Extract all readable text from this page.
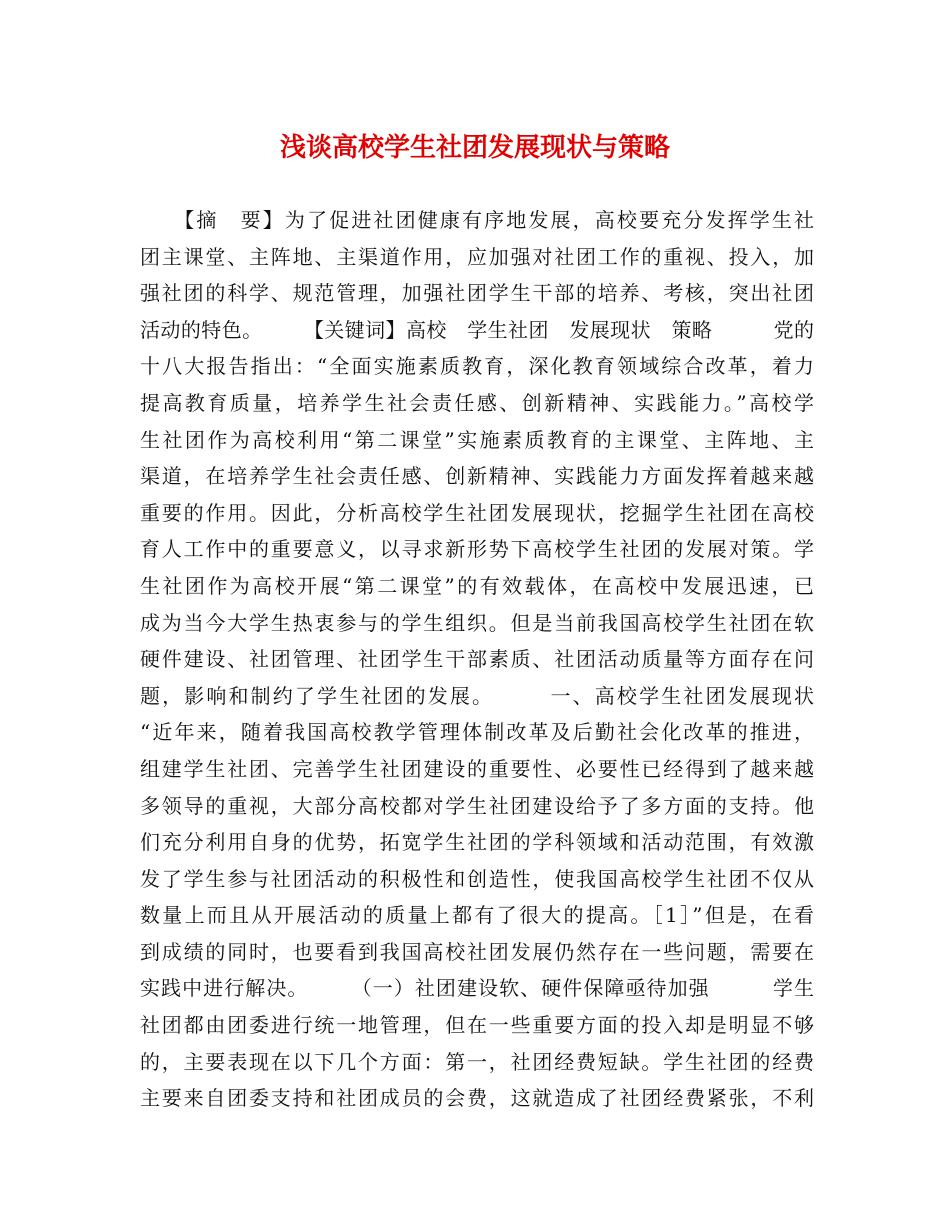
浅谈高校学生社团发展现状与策略
　　【摘　要】为了促进社团健康有序地发展，高校要充分发挥学生社
团主课堂、主阵地、主渠道作用，应加强对社团工作的重视、投入，加
强社团的科学、规范管理，加强社团学生干部的培养、考核，突出社团
活动的特色。　　　【关键词】高校　学生社团　发展现状　策略　　　党的
十八大报告指出：“全面实施素质教育，深化教育领域综合改革，着力
提高教育质量，培养学生社会责任感、创新精神、实践能力。”高校学
生社团作为高校利用“第二课堂”实施素质教育的主课堂、主阵地、主
渠道，在培养学生社会责任感、创新精神、实践能力方面发挥着越来越
重要的作用。因此，分析高校学生社团发展现状，挖掘学生社团在高校
育人工作中的重要意义，以寻求新形势下高校学生社团的发展对策。学
生社团作为高校开展“第二课堂”的有效载体，在高校中发展迅速，已
成为当今大学生热衷参与的学生组织。但是当前我国高校学生社团在软
硬件建设、社团管理、社团学生干部素质、社团活动质量等方面存在问
题，影响和制约了学生社团的发展。　　　一、高校学生社团发展现状
“近年来，随着我国高校教学管理体制改革及后勤社会化改革的推进，
组建学生社团、完善学生社团建设的重要性、必要性已经得到了越来越
多领导的重视，大部分高校都对学生社团建设给予了多方面的支持。他
们充分利用自身的优势，拓宽学生社团的学科领域和活动范围，有效激
发了学生参与社团活动的积极性和创造性，使我国高校学生社团不仅从
数量上而且从开展活动的质量上都有了很大的提高。［1］”但是，在看
到成绩的同时，也要看到我国高校社团发展仍然存在一些问题，需要在
实践中进行解决。　　　（一）社团建设软、硬件保障亟待加强　　　学生
社团都由团委进行统一地管理，但在一些重要方面的投入却是明显不够
的，主要表现在以下几个方面：第一，社团经费短缺。学生社团的经费
主要来自团委支持和社团成员的会费，这就造成了社团经费紧张，不利
